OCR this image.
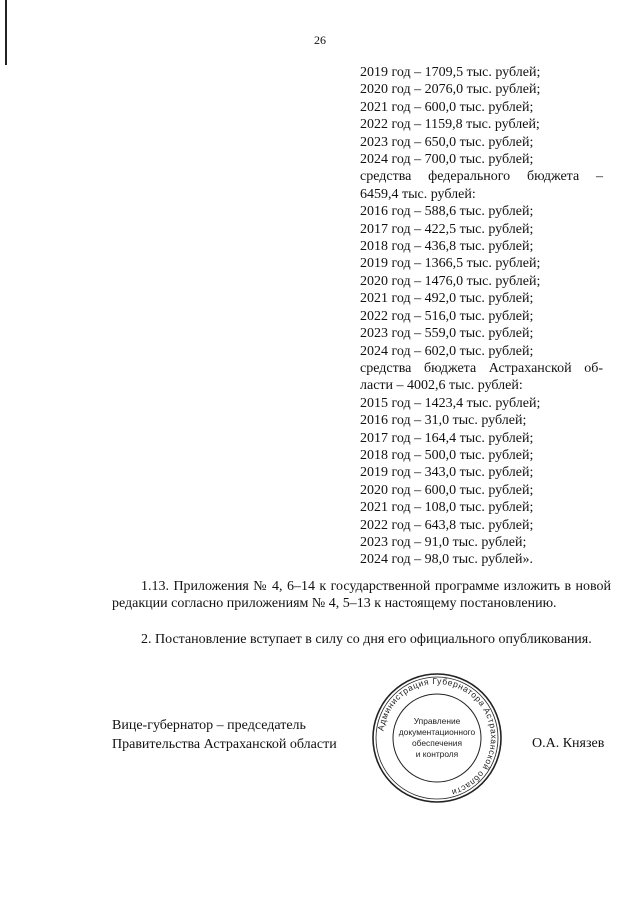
26
2019 год – 1709,5 тыс. рублей;
2020 год – 2076,0 тыс. рублей;
2021 год – 600,0 тыс. рублей;
2022 год – 1159,8 тыс. рублей;
2023 год – 650,0 тыс. рублей;
2024 год – 700,0 тыс. рублей;
средства федерального бюджета –
6459,4 тыс. рублей:
2016 год – 588,6 тыс. рублей;
2017 год – 422,5 тыс. рублей;
2018 год – 436,8 тыс. рублей;
2019 год – 1366,5 тыс. рублей;
2020 год – 1476,0 тыс. рублей;
2021 год – 492,0 тыс. рублей;
2022 год – 516,0 тыс. рублей;
2023 год – 559,0 тыс. рублей;
2024 год – 602,0 тыс. рублей;
средства бюджета Астраханской об-
ласти – 4002,6 тыс. рублей:
2015 год – 1423,4 тыс. рублей;
2016 год – 31,0 тыс. рублей;
2017 год – 164,4 тыс. рублей;
2018 год – 500,0 тыс. рублей;
2019 год – 343,0 тыс. рублей;
2020 год – 600,0 тыс. рублей;
2021 год – 108,0 тыс. рублей;
2022 год – 643,8 тыс. рублей;
2023 год – 91,0 тыс. рублей;
2024 год – 98,0 тыс. рублей».
1.13. Приложения № 4, 6–14 к государственной программе изложить в новой редакции согласно приложениям № 4, 5–13 к настоящему постановлению.
2. Постановление вступает в силу со дня его официального опубликования.
Вице-губернатор – председатель
Правительства Астраханской области
Администрация Губернатора Астраханской области
Управление
документационного
обеспечения
и контроля
О.А. Князев
